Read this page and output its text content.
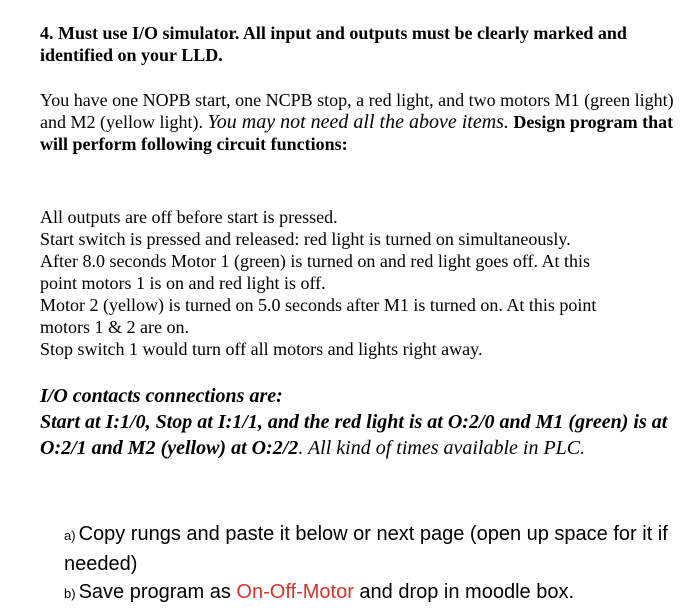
4. Must use I/O simulator. All input and outputs must be clearly marked and identified on your LLD.
You have one NOPB start, one NCPB stop, a red light, and two motors M1 (green light) and M2 (yellow light). You may not need all the above items. Design program that will perform following circuit functions:
All outputs are off before start is pressed.
Start switch is pressed and released: red light is turned on simultaneously.
After 8.0 seconds Motor 1 (green) is turned on and red light goes off. At this
point motors 1 is on and red light is off.
Motor 2 (yellow) is turned on 5.0 seconds after M1 is turned on. At this point
motors 1 & 2 are on.
Stop switch 1 would turn off all motors and lights right away.
I/O contacts connections are:
Start at I:1/0, Stop at I:1/1, and the red light is at O:2/0 and M1 (green) is at O:2/1 and M2 (yellow) at O:2/2. All kind of times available in PLC.
a) Copy rungs and paste it below or next page (open up space for it if needed)
b) Save program as On-Off-Motor and drop in moodle box.
